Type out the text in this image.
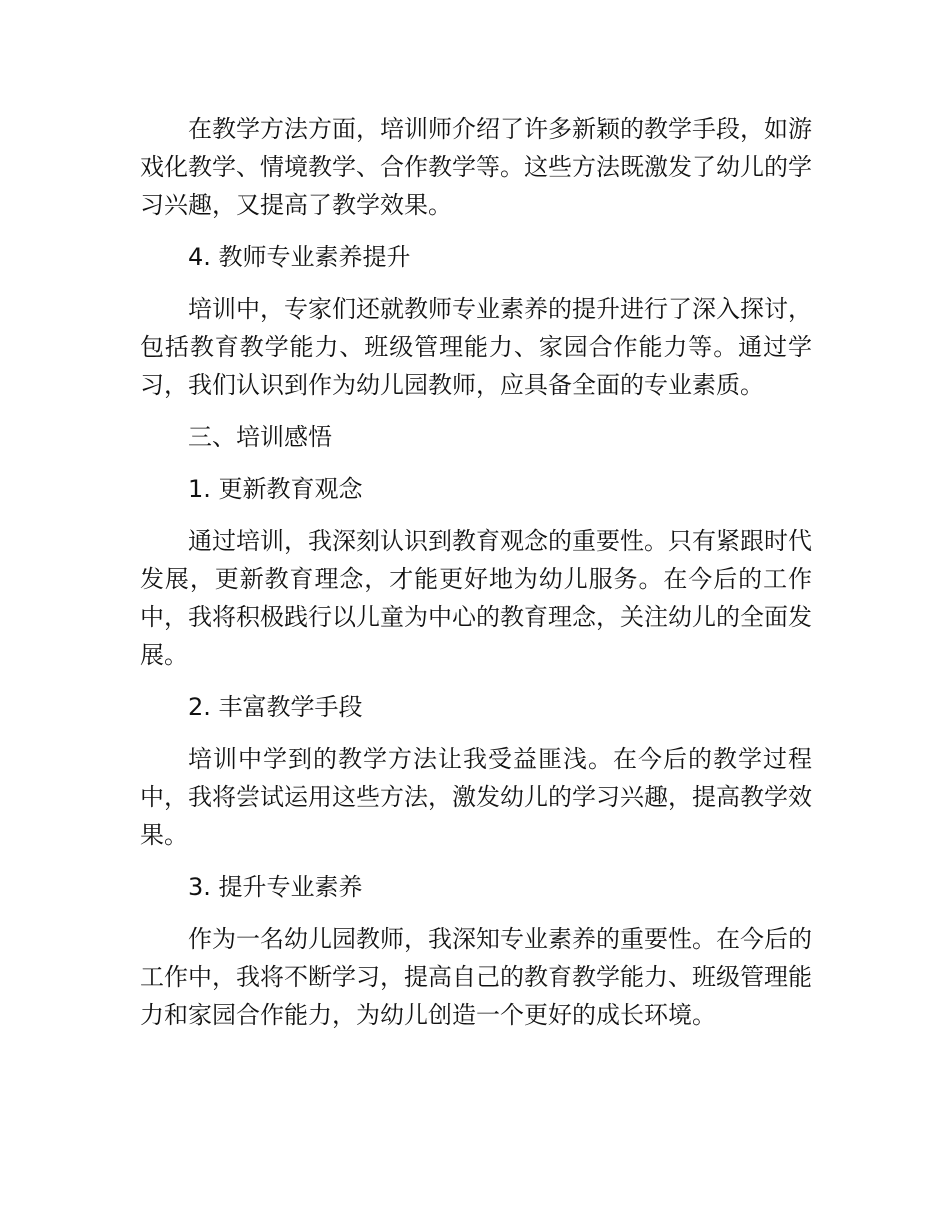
在教学方法方面，培训师介绍了许多新颖的教学手段，如游戏化教学、情境教学、合作教学等。这些方法既激发了幼儿的学习兴趣，又提高了教学效果。

4. 教师专业素养提升

培训中，专家们还就教师专业素养的提升进行了深入探讨，包括教育教学能力、班级管理能力、家园合作能力等。通过学习，我们认识到作为幼儿园教师，应具备全面的专业素质。

三、培训感悟

1. 更新教育观念

通过培训，我深刻认识到教育观念的重要性。只有紧跟时代发展，更新教育理念，才能更好地为幼儿服务。在今后的工作中，我将积极践行以儿童为中心的教育理念，关注幼儿的全面发展。

2. 丰富教学手段

培训中学到的教学方法让我受益匪浅。在今后的教学过程中，我将尝试运用这些方法，激发幼儿的学习兴趣，提高教学效果。

3. 提升专业素养

作为一名幼儿园教师，我深知专业素养的重要性。在今后的工作中，我将不断学习，提高自己的教育教学能力、班级管理能力和家园合作能力，为幼儿创造一个更好的成长环境。
